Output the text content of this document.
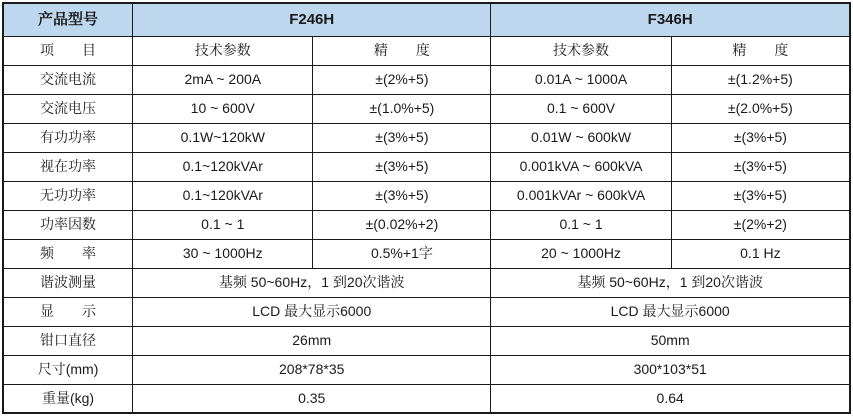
产品型号	F246H		F346H	
项　　目	技术参数	精　　度	技术参数	精　　度
交流电流	2mA ~ 200A	±(2%+5)	0.01A ~ 1000A	±(1.2%+5)
交流电压	10 ~ 600V	±(1.0%+5)	0.1 ~ 600V	±(2.0%+5)
有功功率	0.1W~120kW	±(3%+5)	0.01W ~ 600kW	±(3%+5)
视在功率	0.1~120kVAr	±(3%+5)	0.001kVA ~ 600kVA	±(3%+5)
无功功率	0.1~120kVAr	±(3%+5)	0.001kVAr ~ 600kVA	±(3%+5)
功率因数	0.1 ~ 1	±(0.02%+2)	0.1 ~ 1	±(2%+2)
频　　率	30 ~ 1000Hz	0.5%+1字	20 ~ 1000Hz	0.1 Hz
谐波测量	基频 50~60Hz，1 到20次谐波		基频 50~60Hz，1 到20次谐波	
显　　示	LCD 最大显示6000		LCD 最大显示6000	
钳口直径	26mm		50mm	
尺寸(mm)	208*78*35		300*103*51	
重量(kg)	0.35		0.64	
